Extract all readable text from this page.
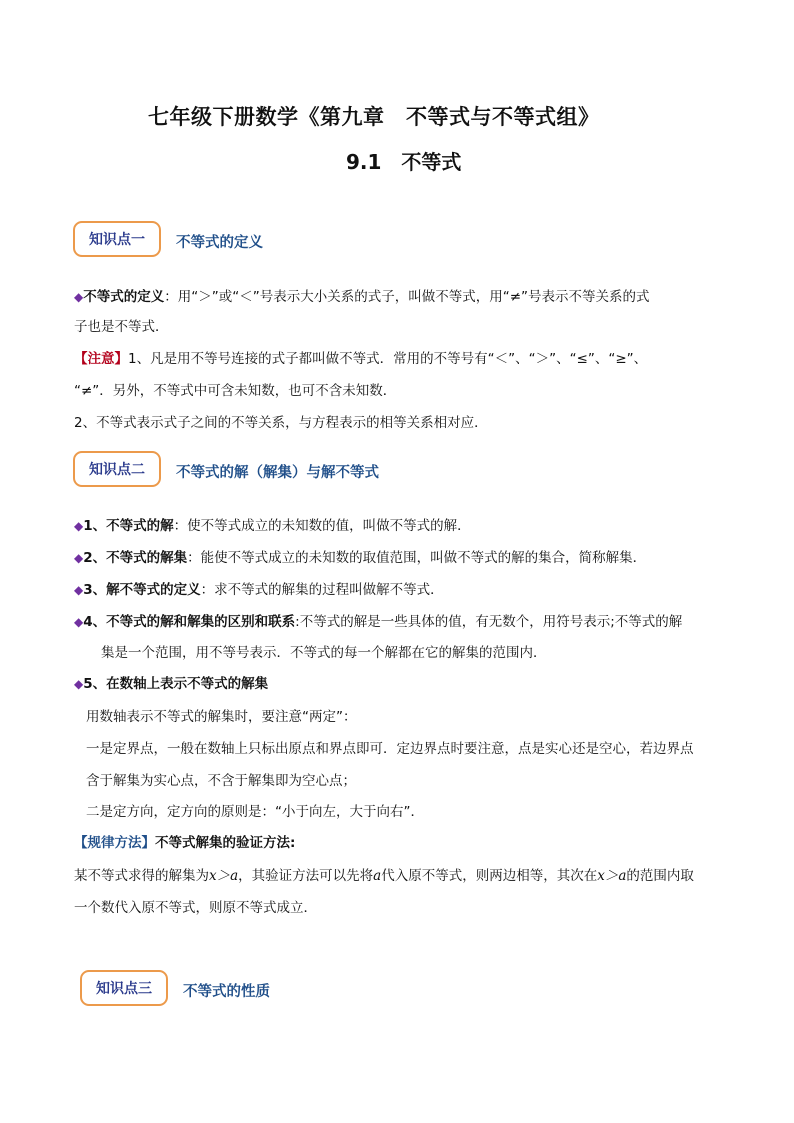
七年级下册数学《第九章　不等式与不等式组》
9.1　不等式
知识点一	不等式的定义
◆不等式的定义：用“＞”或“＜”号表示大小关系的式子，叫做不等式，用“≠”号表示不等关系的式
子也是不等式．
【注意】1、凡是用不等号连接的式子都叫做不等式．常用的不等号有“＜”、“＞”、“≤”、“≥”、
“≠”．另外，不等式中可含未知数，也可不含未知数．
2、不等式表示式子之间的不等关系，与方程表示的相等关系相对应．
知识点二	不等式的解（解集）与解不等式
◆1、不等式的解：使不等式成立的未知数的值，叫做不等式的解．
◆2、不等式的解集：能使不等式成立的未知数的取值范围，叫做不等式的解的集合，简称解集．
◆3、解不等式的定义：求不等式的解集的过程叫做解不等式．
◆4、不等式的解和解集的区别和联系:不等式的解是一些具体的值，有无数个，用符号表示;不等式的解
集是一个范围，用不等号表示．不等式的每一个解都在它的解集的范围内．
◆5、在数轴上表示不等式的解集
用数轴表示不等式的解集时，要注意“两定”：
一是定界点，一般在数轴上只标出原点和界点即可．定边界点时要注意，点是实心还是空心，若边界点
含于解集为实心点，不含于解集即为空心点；
二是定方向，定方向的原则是：“小于向左，大于向右”．
【规律方法】不等式解集的验证方法:
某不等式求得的解集为x＞a，其验证方法可以先将a代入原不等式，则两边相等，其次在x＞a的范围内取
一个数代入原不等式，则原不等式成立．
知识点三	不等式的性质
